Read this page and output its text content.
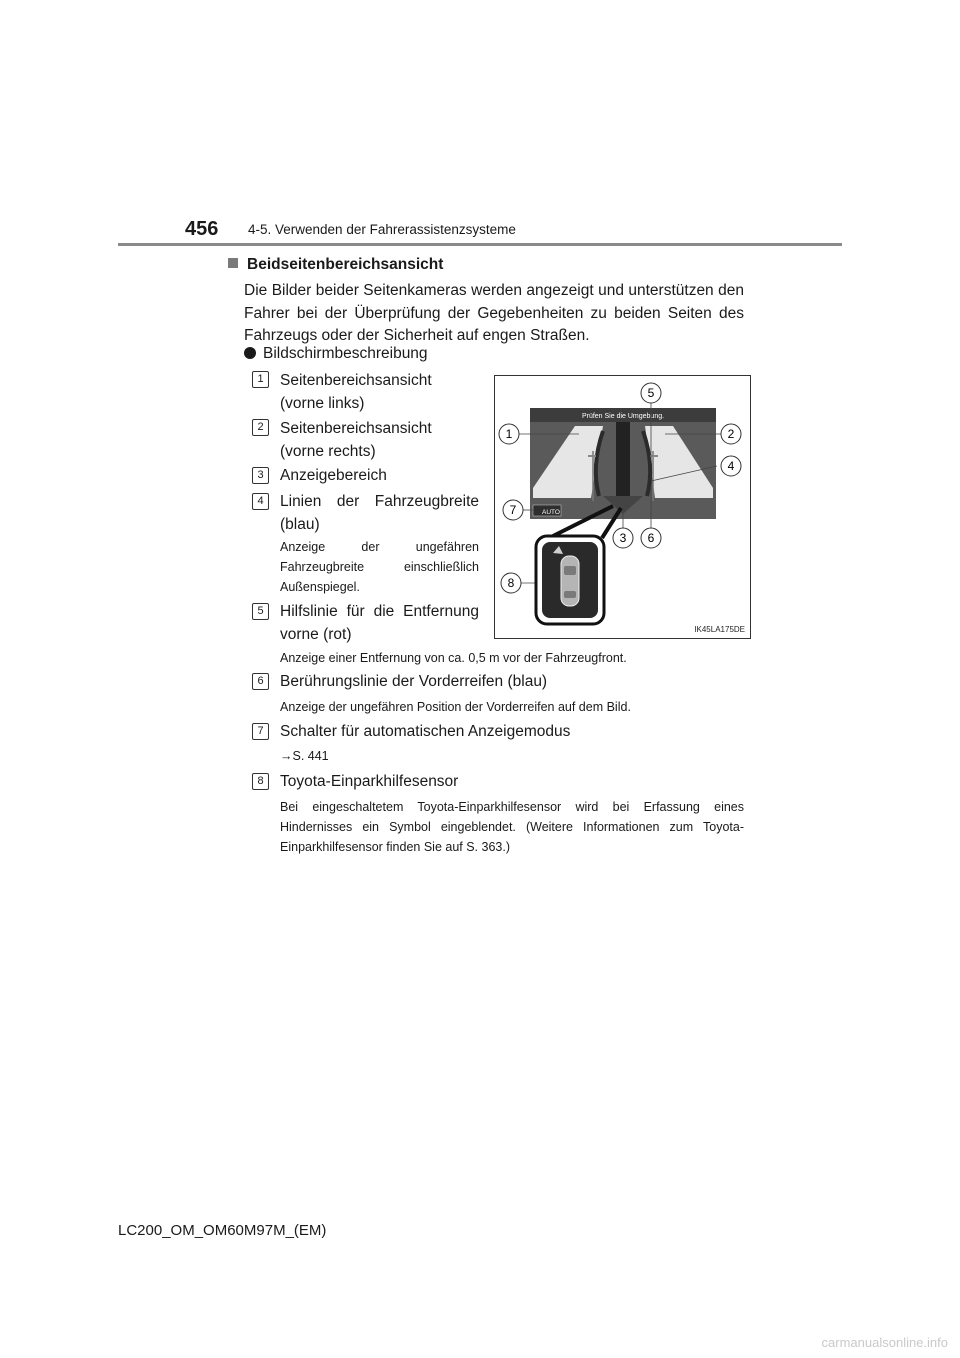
456 4-5. Verwenden der Fahrerassistenzsysteme
Beidseitenbereichsansicht
Die Bilder beider Seitenkameras werden angezeigt und unterstützen den Fahrer bei der Überprüfung der Gegebenheiten zu beiden Seiten des Fahrzeugs oder der Sicherheit auf engen Straßen.
Bildschirmbeschreibung
1	Seitenbereichsansicht (vorne links)
2	Seitenbereichsansicht (vorne rechts)
3	Anzeigebereich
4	Linien der Fahrzeugbreite (blau)
Anzeige der ungefähren Fahrzeugbreite einschließlich Außenspiegel.
5	Hilfslinie für die Entfernung vorne (rot)
Anzeige einer Entfernung von ca. 0,5 m vor der Fahrzeugfront.
6	Berührungslinie der Vorderreifen (blau)
Anzeige der ungefähren Position der Vorderreifen auf dem Bild.
7	Schalter für automatischen Anzeigemodus
→S. 441
8	Toyota-Einparkhilfesensor
Bei eingeschaltetem Toyota-Einparkhilfesensor wird bei Erfassung eines Hindernisses ein Symbol eingeblendet. (Weitere Informationen zum Toyota-Einparkhilfesensor finden Sie auf S. 363.)
Prüfen Sie die Umgebung.
AUTO
1	2
3
4
5
6
7
8
IK45LA175DE
LC200_OM_OM60M97M_(EM)
carmanualsonline.info
